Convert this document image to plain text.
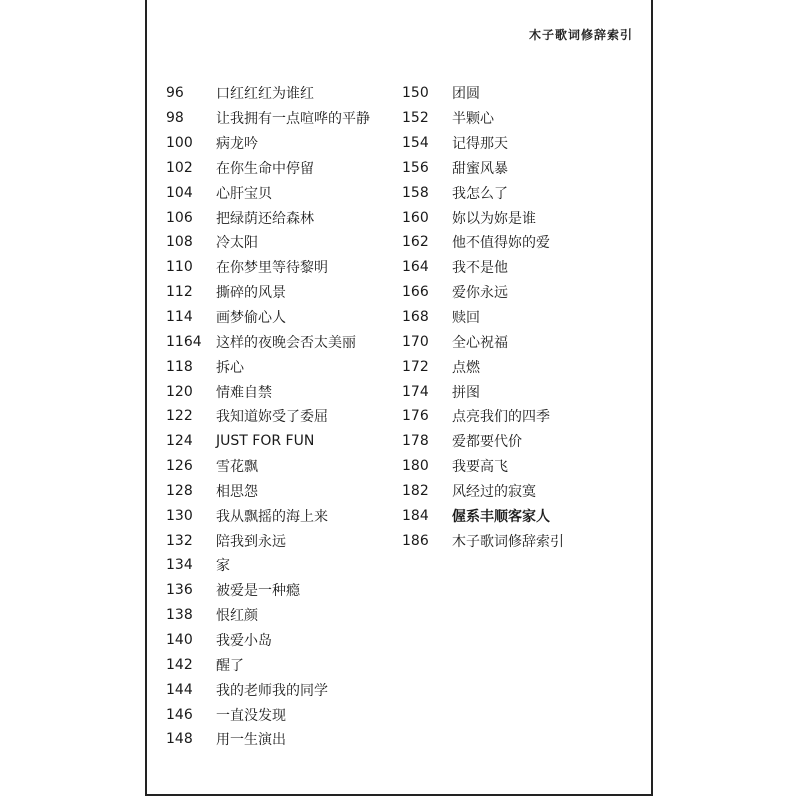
木子歌词修辞索引
96	口红红红为谁红
98	让我拥有一点喧哗的平静
100	病龙吟
102	在你生命中停留
104	心肝宝贝
106	把绿荫还给森林
108	冷太阳
110	在你梦里等待黎明
112	撕碎的风景
114	画梦偷心人
1164	这样的夜晚会否太美丽
118	拆心
120	情难自禁
122	我知道妳受了委屈
124	JUST FOR FUN
126	雪花飘
128	相思怨
130	我从飘摇的海上来
132	陪我到永远
134	家
136	被爱是一种瘾
138	恨红颜
140	我爱小岛
142	醒了
144	我的老师我的同学
146	一直没发现
148	用一生演出
150	团圆
152	半颗心
154	记得那天
156	甜蜜风暴
158	我怎么了
160	妳以为妳是谁
162	他不值得妳的爱
164	我不是他
166	爱你永远
168	赎回
170	全心祝福
172	点燃
174	拼图
176	点亮我们的四季
178	爱都要代价
180	我要高飞
182	风经过的寂寞
184	偓系丰顺客家人
186	木子歌词修辞索引
